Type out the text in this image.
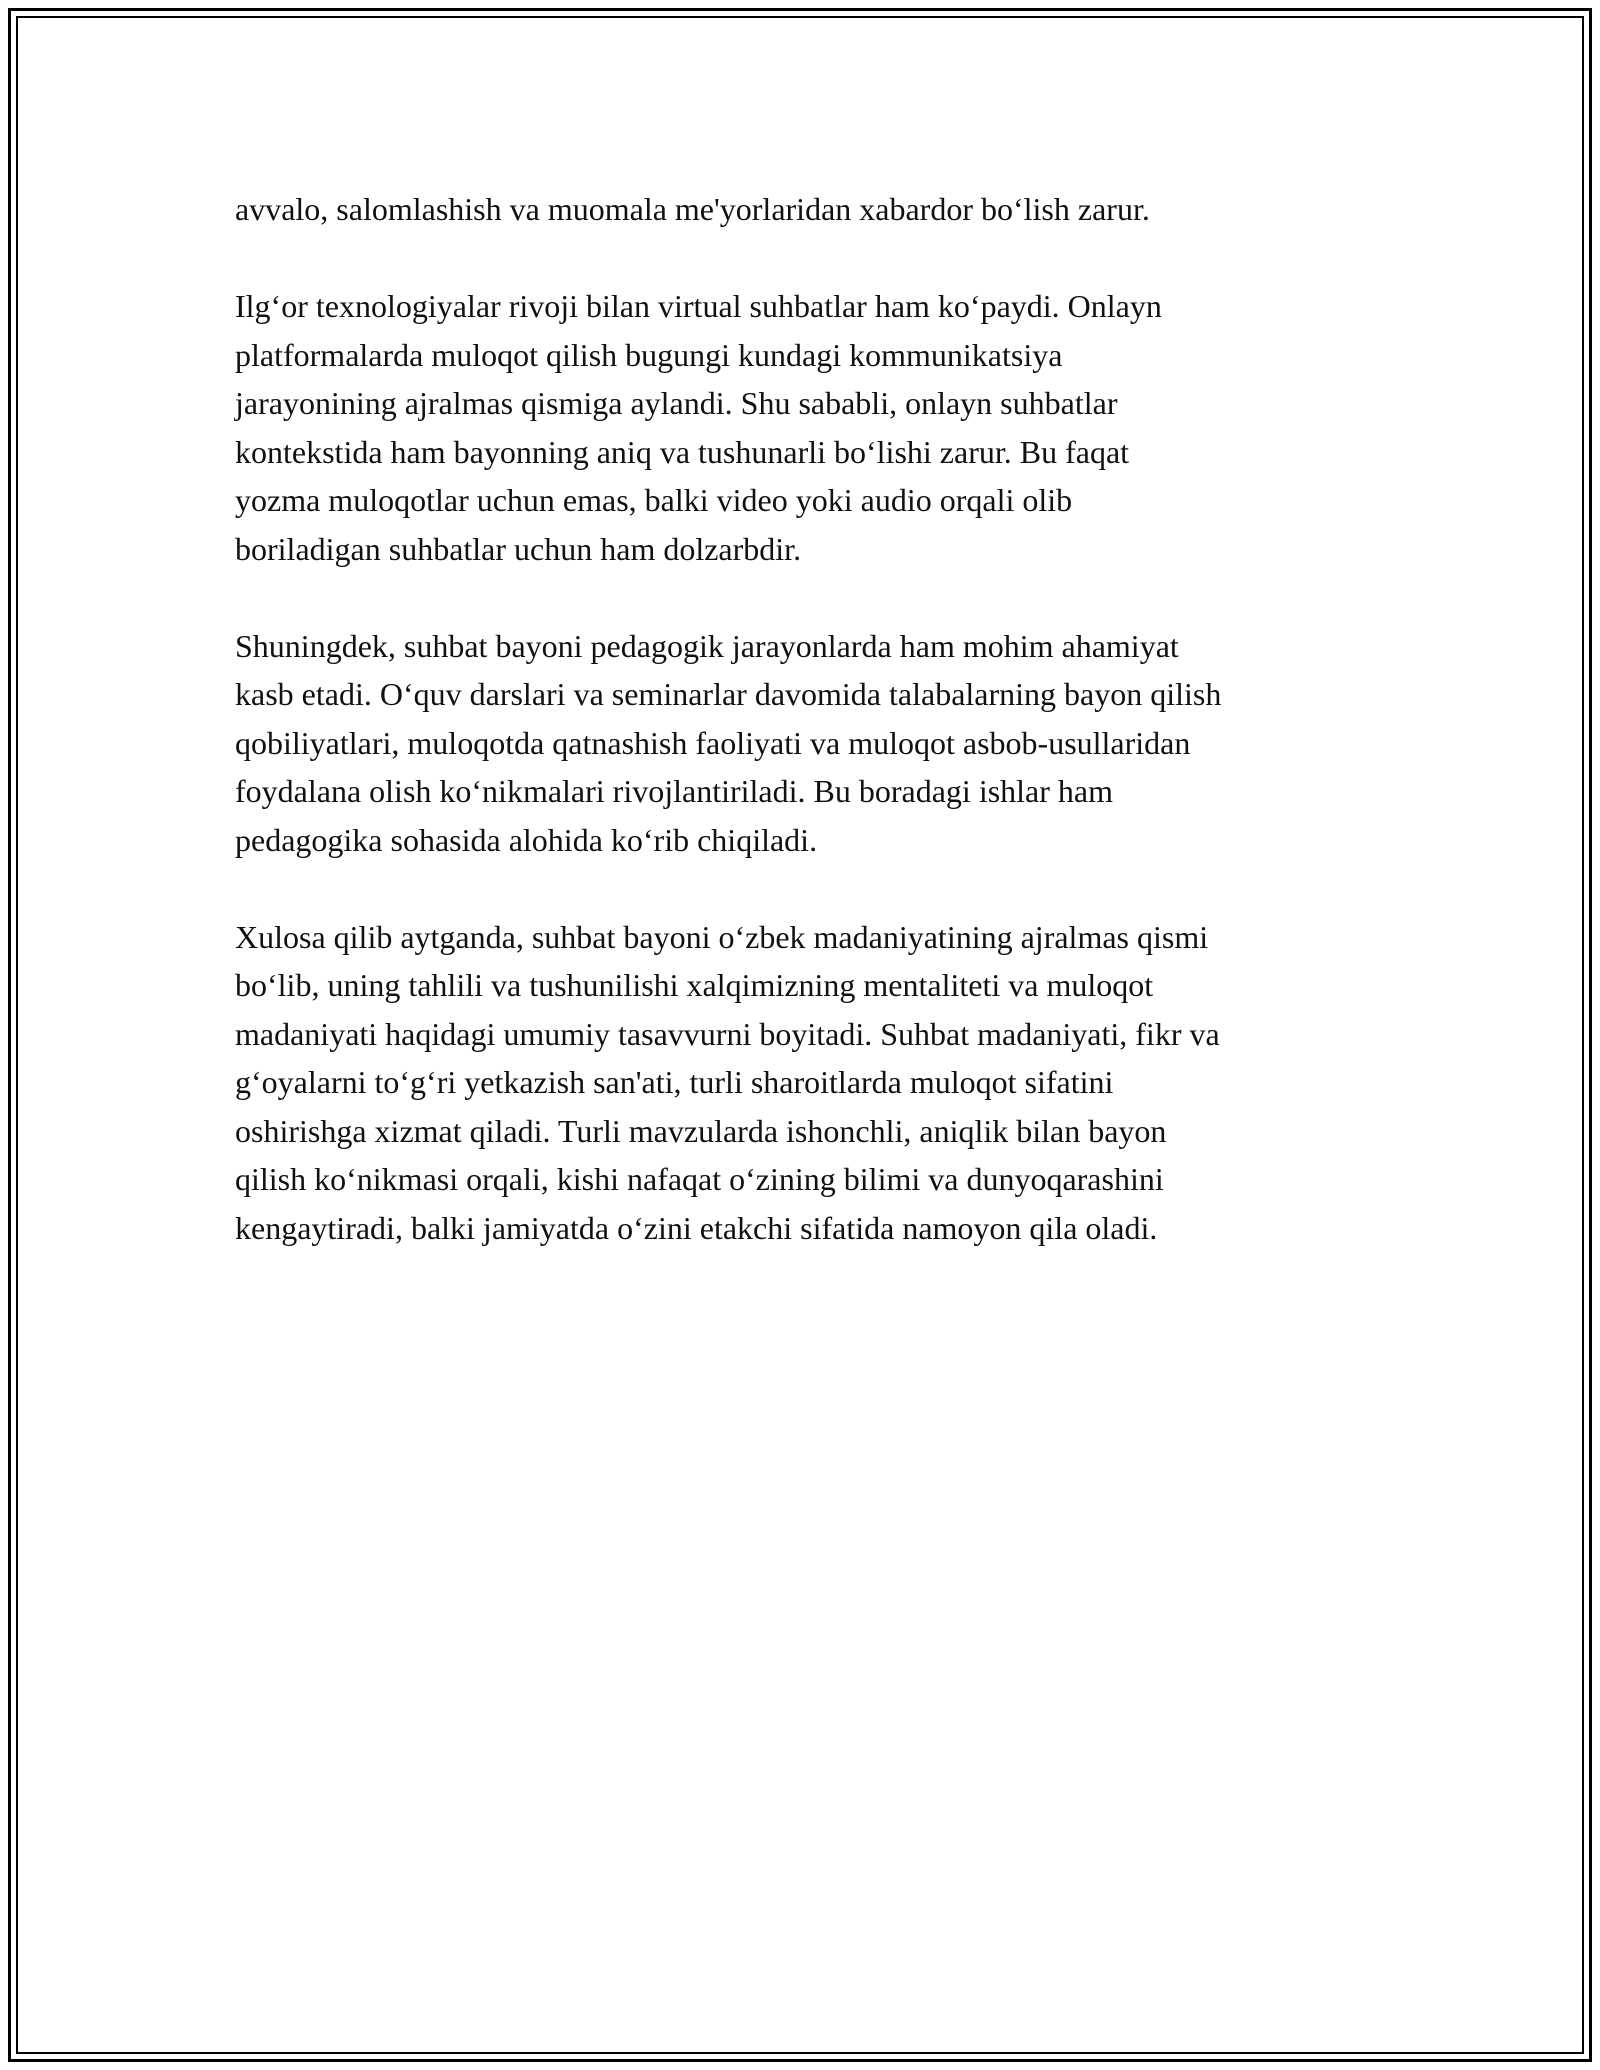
avvalo, salomlashish va muomala me'yorlaridan xabardor bo‘lish zarur.

Ilg‘or texnologiyalar rivoji bilan virtual suhbatlar ham ko‘paydi. Onlayn
platformalarda muloqot qilish bugungi kundagi kommunikatsiya
jarayonining ajralmas qismiga aylandi. Shu sababli, onlayn suhbatlar
kontekstida ham bayonning aniq va tushunarli bo‘lishi zarur. Bu faqat
yozma muloqotlar uchun emas, balki video yoki audio orqali olib
boriladigan suhbatlar uchun ham dolzarbdir.

Shuningdek, suhbat bayoni pedagogik jarayonlarda ham mohim ahamiyat
kasb etadi. O‘quv darslari va seminarlar davomida talabalarning bayon qilish
qobiliyatlari, muloqotda qatnashish faoliyati va muloqot asbob-usullaridan
foydalana olish ko‘nikmalari rivojlantiriladi. Bu boradagi ishlar ham
pedagogika sohasida alohida ko‘rib chiqiladi.

Xulosa qilib aytganda, suhbat bayoni o‘zbek madaniyatining ajralmas qismi
bo‘lib, uning tahlili va tushunilishi xalqimizning mentaliteti va muloqot
madaniyati haqidagi umumiy tasavvurni boyitadi. Suhbat madaniyati, fikr va
g‘oyalarni to‘g‘ri yetkazish san'ati, turli sharoitlarda muloqot sifatini
oshirishga xizmat qiladi. Turli mavzularda ishonchli, aniqlik bilan bayon
qilish ko‘nikmasi orqali, kishi nafaqat o‘zining bilimi va dunyoqarashini
kengaytiradi, balki jamiyatda o‘zini etakchi sifatida namoyon qila oladi.
